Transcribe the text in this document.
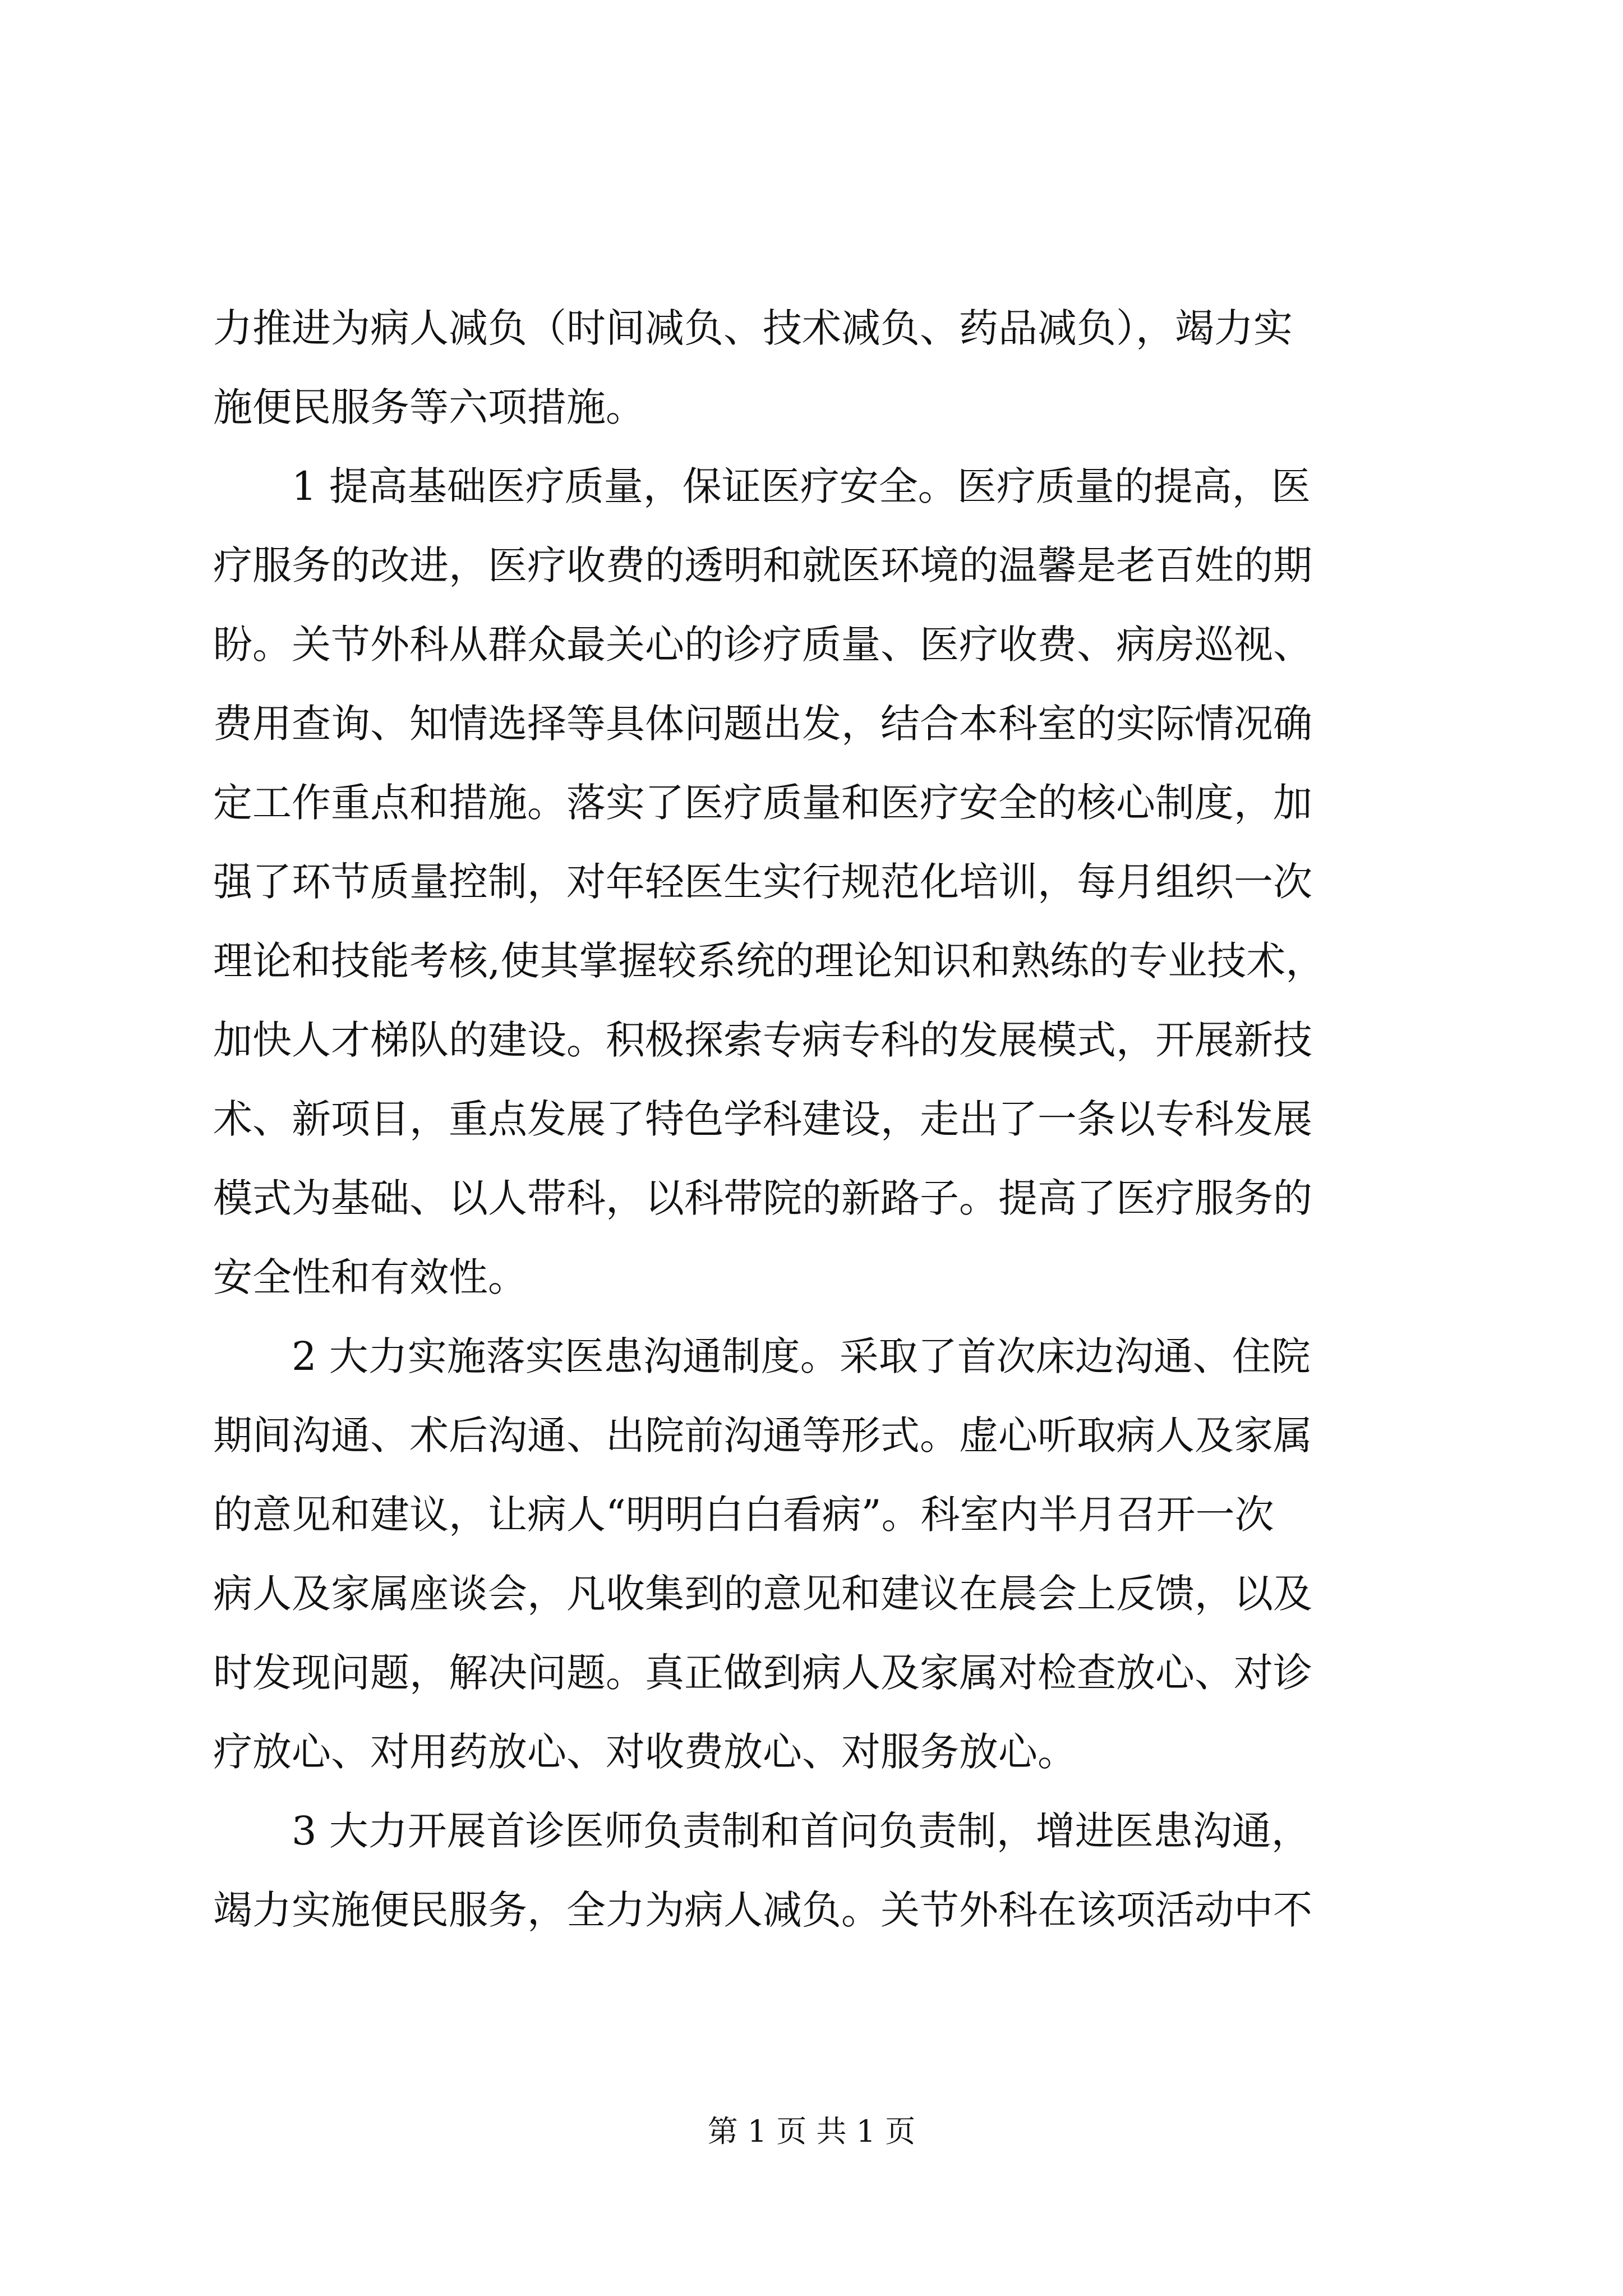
力推进为病人减负（时间减负、技术减负、药品减负），竭力实
施便民服务等六项措施。
1 提高基础医疗质量，保证医疗安全。医疗质量的提高，医
疗服务的改进，医疗收费的透明和就医环境的温馨是老百姓的期
盼。关节外科从群众最关心的诊疗质量、医疗收费、病房巡视、
费用查询、知情选择等具体问题出发，结合本科室的实际情况确
定工作重点和措施。落实了医疗质量和医疗安全的核心制度，加
强了环节质量控制，对年轻医生实行规范化培训，每月组织一次
理论和技能考核,使其掌握较系统的理论知识和熟练的专业技术，
加快人才梯队的建设。积极探索专病专科的发展模式，开展新技
术、新项目，重点发展了特色学科建设，走出了一条以专科发展
模式为基础、以人带科，以科带院的新路子。提高了医疗服务的
安全性和有效性。
2 大力实施落实医患沟通制度。采取了首次床边沟通、住院
期间沟通、术后沟通、出院前沟通等形式。虚心听取病人及家属
的意见和建议，让病人“明明白白看病”。科室内半月召开一次
病人及家属座谈会，凡收集到的意见和建议在晨会上反馈，以及
时发现问题，解决问题。真正做到病人及家属对检查放心、对诊
疗放心、对用药放心、对收费放心、对服务放心。
3 大力开展首诊医师负责制和首问负责制，增进医患沟通，
竭力实施便民服务，全力为病人减负。关节外科在该项活动中不
第 1 页 共 1 页
